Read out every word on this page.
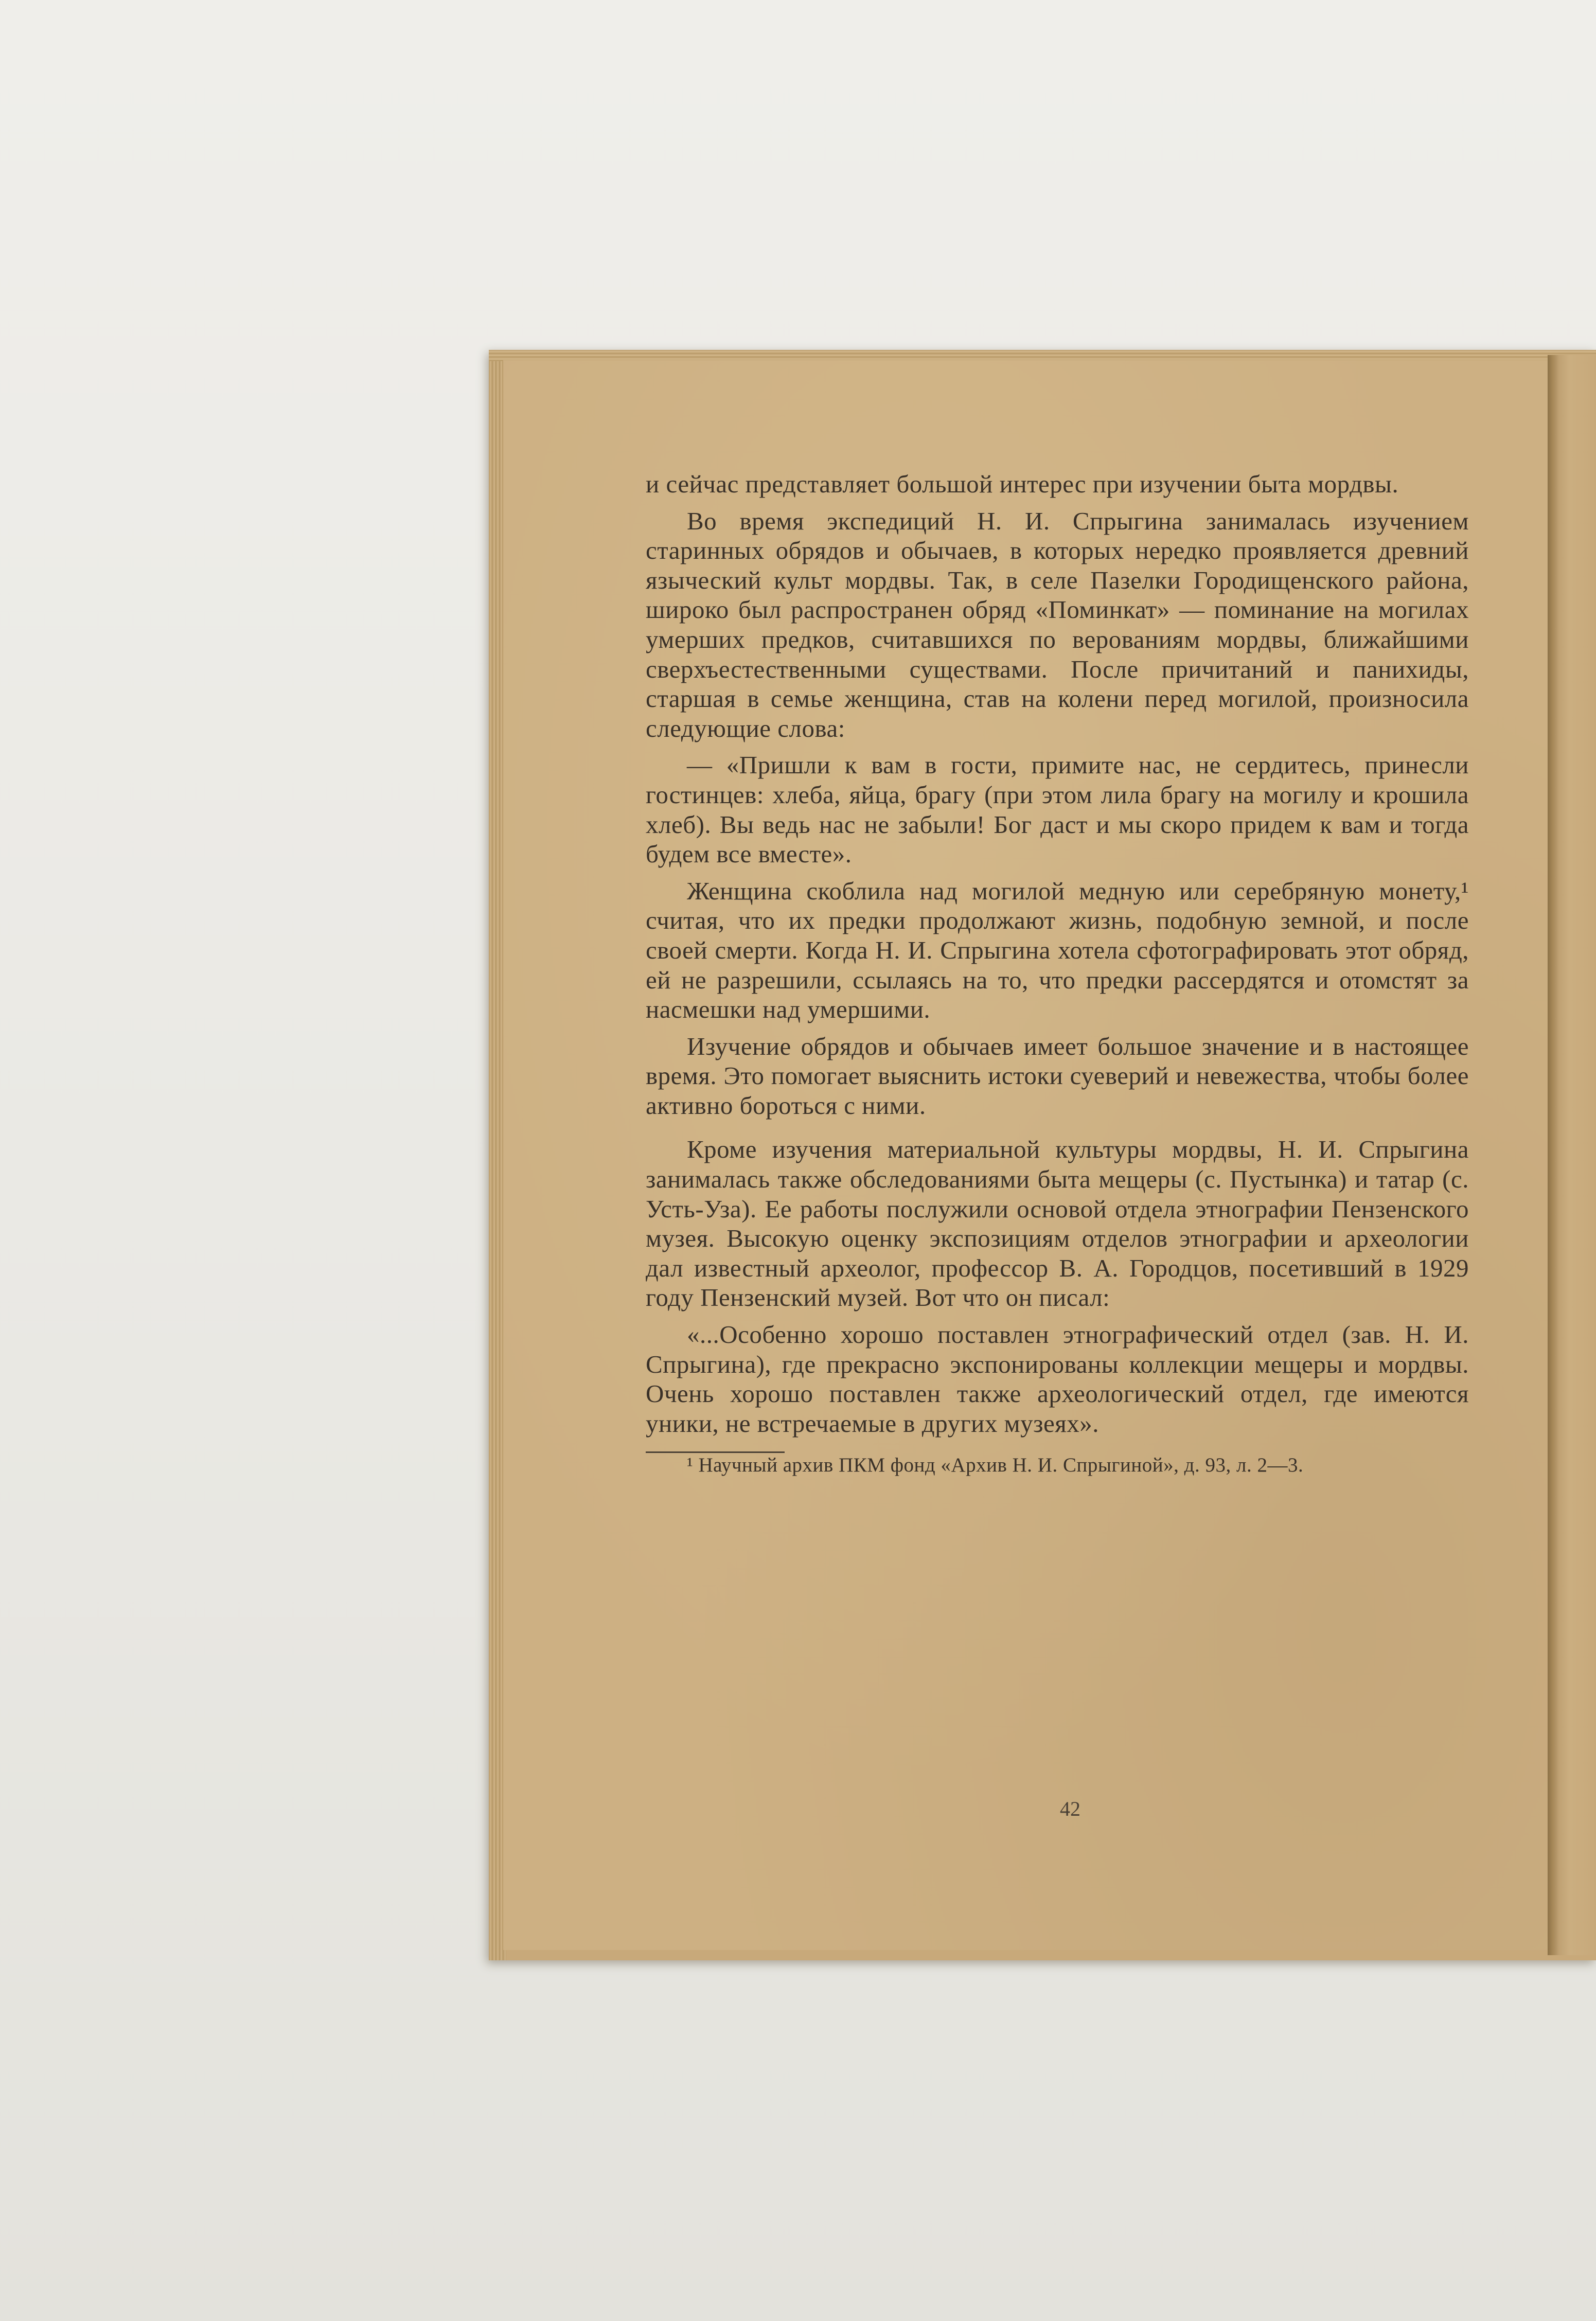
и сейчас представляет большой интерес при изучении быта мордвы.

Во время экспедиций Н. И. Спрыгина занималась изучением старинных обрядов и обычаев, в которых нередко проявляется древний языческий культ мордвы. Так, в селе Пазелки Городищенского района, широко был распространен обряд «Поминкат» — поминание на могилах умерших предков, считавшихся по верованиям мордвы, ближайшими сверхъестественными существами. После причитаний и панихиды, старшая в семье женщина, став на колени перед могилой, произносила следующие слова:

— «Пришли к вам в гости, примите нас, не сердитесь, принесли гостинцев: хлеба, яйца, брагу (при этом лила брагу на могилу и крошила хлеб). Вы ведь нас не забыли! Бог даст и мы скоро придем к вам и тогда будем все вместе».

Женщина скоблила над могилой медную или серебряную монету,¹ считая, что их предки продолжают жизнь, подобную земной, и после своей смерти. Когда Н. И. Спрыгина хотела сфотографировать этот обряд, ей не разрешили, ссылаясь на то, что предки рассердятся и отомстят за насмешки над умершими.

Изучение обрядов и обычаев имеет большое значение и в настоящее время. Это помогает выяснить истоки суеверий и невежества, чтобы более активно бороться с ними.

Кроме изучения материальной культуры мордвы, Н. И. Спрыгина занималась также обследованиями быта мещеры (с. Пустынка) и татар (с. Усть-Уза). Ее работы послужили основой отдела этнографии Пензенского музея. Высокую оценку экспозициям отделов этнографии и археологии дал известный археолог, профессор В. А. Городцов, посетивший в 1929 году Пензенский музей. Вот что он писал:

«...Особенно хорошо поставлен этнографический отдел (зав. Н. И. Спрыгина), где прекрасно экспонированы коллекции мещеры и мордвы. Очень хорошо поставлен также археологический отдел, где имеются уники, не встречаемые в других музеях».

¹ Научный архив ПКМ фонд «Архив Н. И. Спрыгиной», д. 93, л. 2—3.

42
